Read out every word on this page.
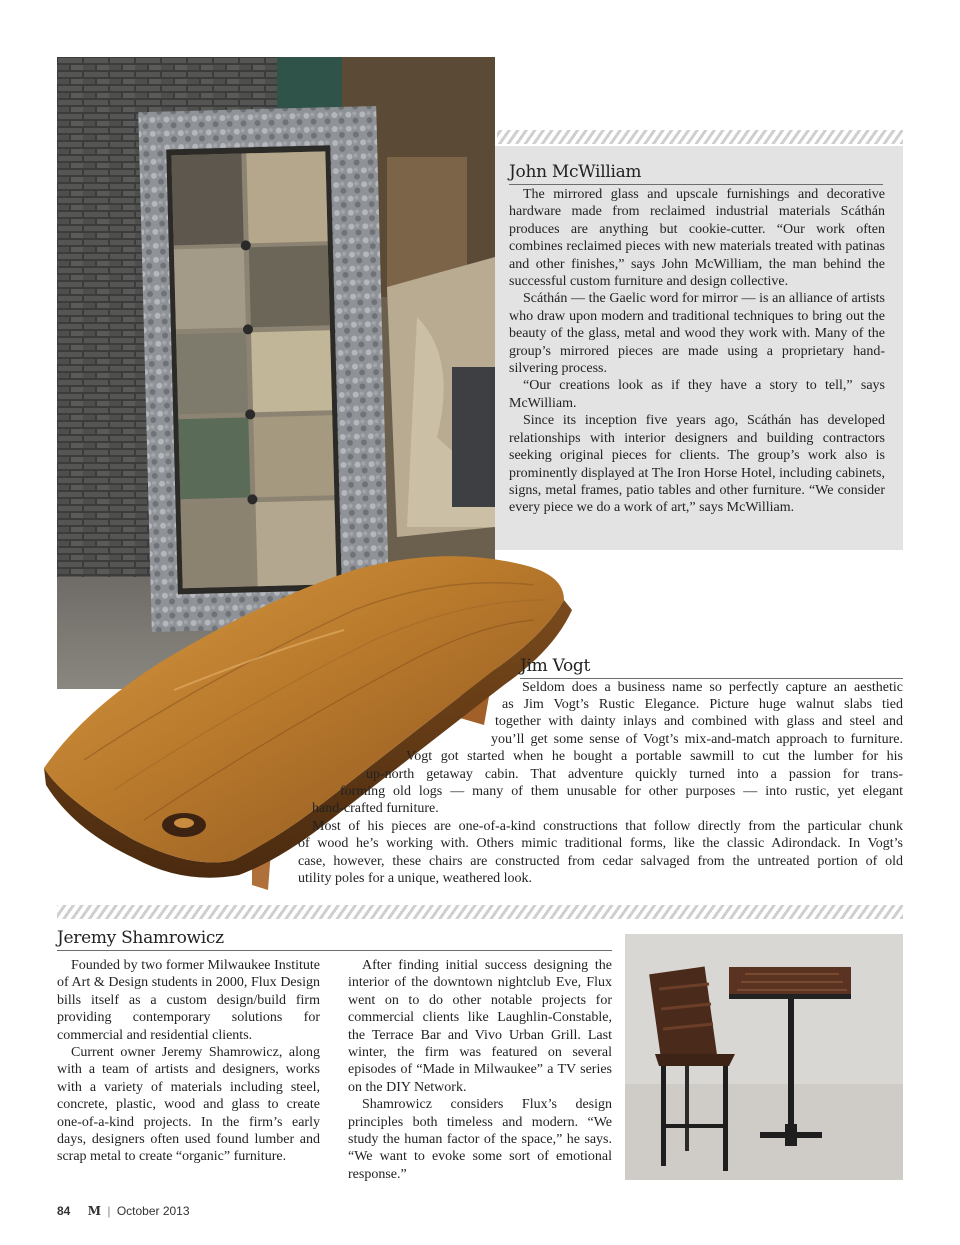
John McWilliam

The mirrored glass and upscale furnishings and decorative hardware made from reclaimed industrial materials Scáthán produces are anything but cookie-cutter. “Our work often combines reclaimed pieces with new materials treated with patinas and other finishes,” says John McWilliam, the man behind the successful custom furniture and design collective.

Scáthán — the Gaelic word for mirror — is an alliance of artists who draw upon modern and traditional techniques to bring out the beauty of the glass, metal and wood they work with. Many of the group’s mirrored pieces are made using a proprietary hand-silvering process.

“Our creations look as if they have a story to tell,” says McWilliam.

Since its inception five years ago, Scáthán has developed relationships with interior designers and building contractors seeking original pieces for clients. The group’s work also is prominently displayed at The Iron Horse Hotel, including cabinets, signs, metal frames, patio tables and other furniture. “We consider every piece we do a work of art,” says McWilliam.

Jim Vogt
Seldom does a business name so perfectly capture an aesthetic
as Jim Vogt’s Rustic Elegance. Picture huge walnut slabs tied
together with dainty inlays and combined with glass and steel and
you’ll get some sense of Vogt’s mix-and-match approach to furniture.
Vogt got started when he bought a portable sawmill to cut the lumber for his
up-north getaway cabin. That adventure quickly turned into a passion for trans-
forming old logs — many of them unusable for other purposes — into rustic, yet elegant
hand-crafted furniture.
Most of his pieces are one-of-a-kind constructions that follow directly from the particular chunk
of wood he’s working with. Others mimic traditional forms, like the classic Adirondack. In Vogt’s
case, however, these chairs are constructed from cedar salvaged from the untreated portion of old
utility poles for a unique, weathered look.
Jeremy Shamrowicz

Founded by two former Milwaukee Institute of Art & Design students in 2000, Flux Design bills itself as a custom design/build firm providing contemporary solutions for commercial and residential clients.

Current owner Jeremy Shamrowicz, along with a team of artists and designers, works with a variety of materials including steel, concrete, plastic, wood and glass to create one-of-a-kind projects. In the firm’s early days, designers often used found lumber and scrap metal to create “organic” furniture.

After finding initial success designing the interior of the downtown nightclub Eve, Flux went on to do other notable projects for commercial clients like Laughlin-Constable, the Terrace Bar and Vivo Urban Grill. Last winter, the firm was featured on several episodes of “Made in Milwaukee” a TV series on the DIY Network.

Shamrowicz considers Flux’s design principles both timeless and modern. “We study the human factor of the space,” he says. “We want to evoke some sort of emotional response.”

84 M | October 2013
